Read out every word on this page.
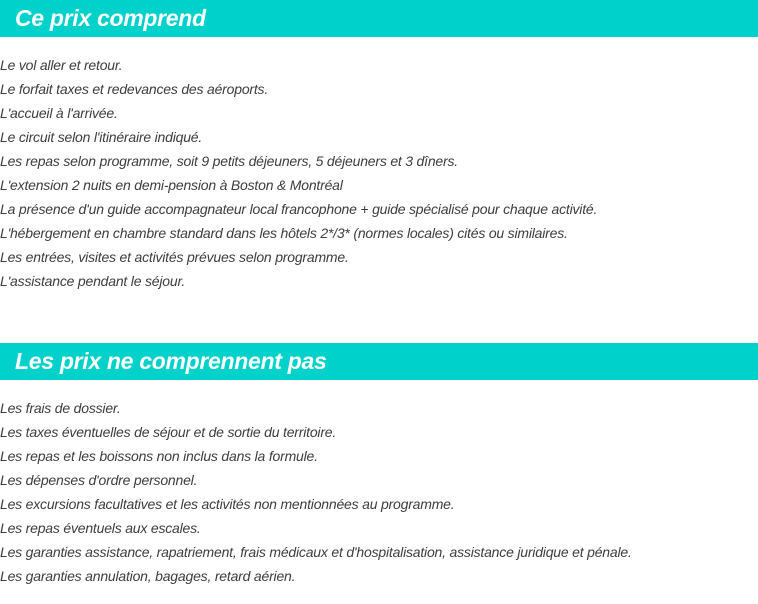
Ce prix comprend
Le vol aller et retour.
Le forfait taxes et redevances des aéroports.
L'accueil à l'arrivée.
Le circuit selon l'itinéraire indiqué.
Les repas selon programme, soit 9 petits déjeuners, 5 déjeuners et 3 dîners.
L'extension 2 nuits en demi-pension à Boston & Montréal
La présence d'un guide accompagnateur local francophone + guide spécialisé pour chaque activité.
L'hébergement en chambre standard dans les hôtels 2*/3* (normes locales) cités ou similaires.
Les entrées, visites et activités prévues selon programme.
L'assistance pendant le séjour.
Les prix ne comprennent pas
Les frais de dossier.
Les taxes éventuelles de séjour et de sortie du territoire.
Les repas et les boissons non inclus dans la formule.
Les dépenses d'ordre personnel.
Les excursions facultatives et les activités non mentionnées au programme.
Les repas éventuels aux escales.
Les garanties assistance, rapatriement, frais médicaux et d'hospitalisation, assistance juridique et pénale.
Les garanties annulation, bagages, retard aérien.
